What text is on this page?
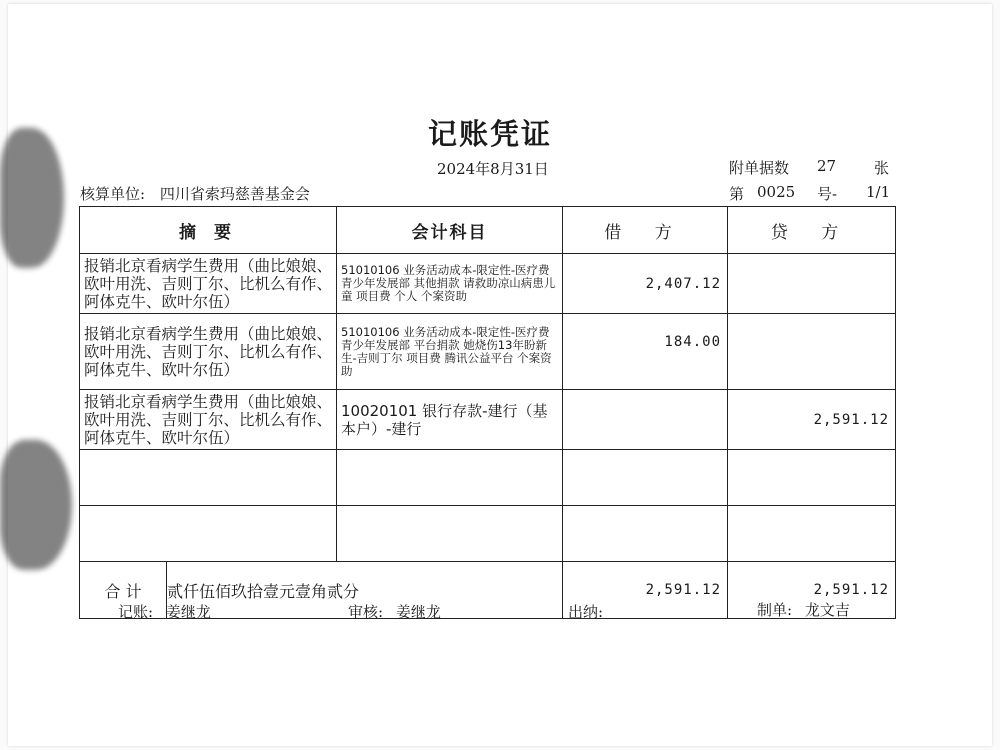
记账凭证
2024年8月31日	附单据数 27	张
核算单位: 四川省索玛慈善基金会	第 0025 号- 1/1
摘 要	会计科目	借 方	贷 方
报销北京看病学生费用（曲比娘娘、欧叶用洗、吉则丁尔、比机么有作、阿体克牛、欧叶尔伍）	51010106 业务活动成本-限定性-医疗费 青少年发展部 其他捐款 请救助凉山病患儿童 项目费 个人 个案资助	2,407.12	
报销北京看病学生费用（曲比娘娘、欧叶用洗、吉则丁尔、比机么有作、阿体克牛、欧叶尔伍）	51010106 业务活动成本-限定性-医疗费 青少年发展部 平台捐款 她烧伤13年盼新生-吉则丁尔 项目费 腾讯公益平台 个案资助	184.00	
报销北京看病学生费用（曲比娘娘、欧叶用洗、吉则丁尔、比机么有作、阿体克牛、欧叶尔伍）	10020101 银行存款-建行（基本户）-建行		2,591.12

合 计 贰仟伍佰玖拾壹元壹角贰分		2,591.12	2,591.12
记账: 姜继龙	审核: 姜继龙	出纳:	制单: 龙文吉
